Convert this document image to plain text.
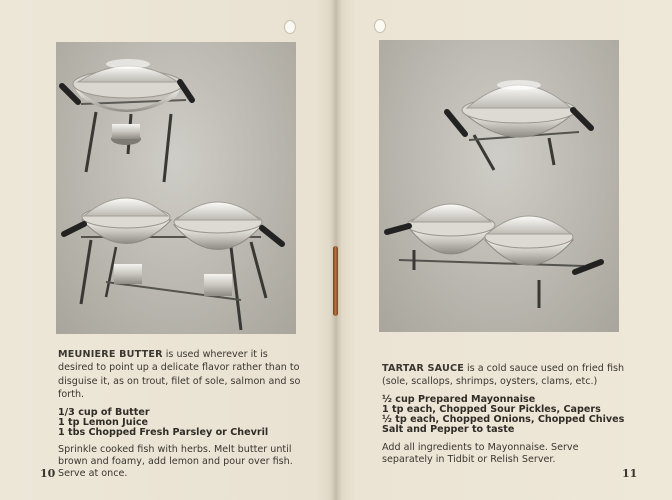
MEUNIERE BUTTER is used wherever it is desired to point up a delicate flavor rather than to disguise it, as on trout, filet of sole, salmon and so forth.

1/3 cup of Butter
1 tp Lemon Juice
1 tbs Chopped Fresh Parsley or Chevril

Sprinkle cooked fish with herbs. Melt butter until brown and foamy, add lemon and pour over fish. Serve at once.

10

TARTAR SAUCE is a cold sauce used on fried fish (sole, scallops, shrimps, oysters, clams, etc.)

½ cup Prepared Mayonnaise
1 tp each, Chopped Sour Pickles, Capers
½ tp each, Chopped Onions, Chopped Chives
Salt and Pepper to taste

Add all ingredients to Mayonnaise. Serve separately in Tidbit or Relish Server.

11
